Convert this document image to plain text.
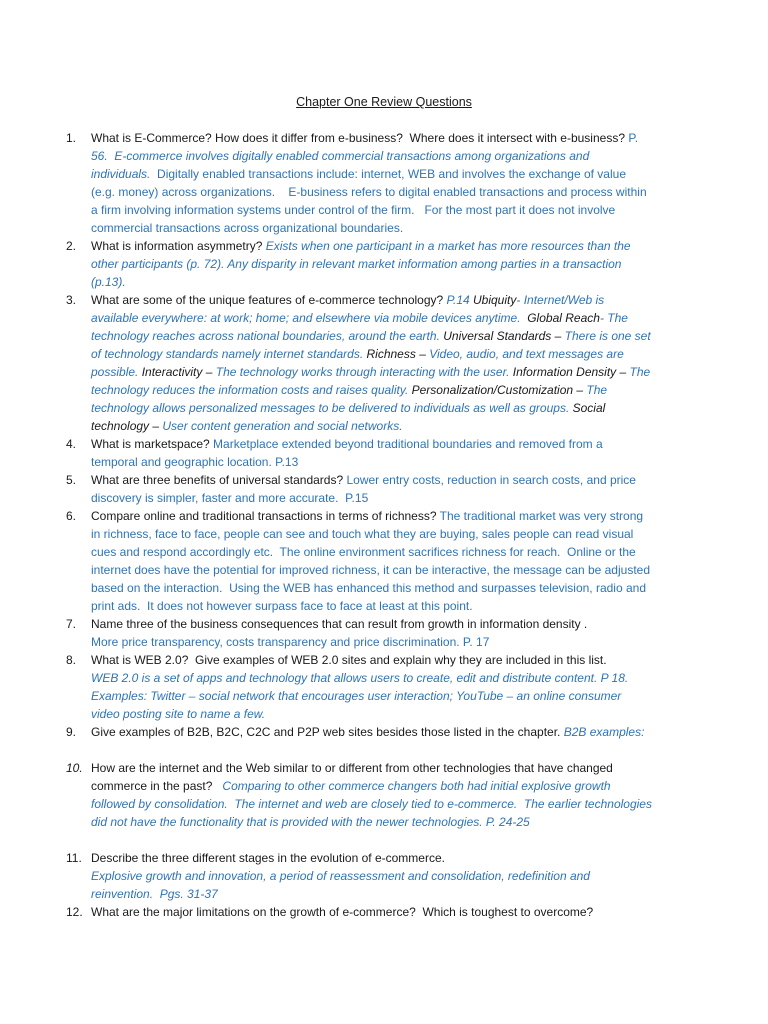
Chapter One Review Questions
1. What is E-Commerce? How does it differ from e-business?  Where does it intersect with e-business? P.
56.  E-commerce involves digitally enabled commercial transactions among organizations and
individuals.  Digitally enabled transactions include: internet, WEB and involves the exchange of value
(e.g. money) across organizations.    E-business refers to digital enabled transactions and process within
a firm involving information systems under control of the firm.   For the most part it does not involve
commercial transactions across organizational boundaries.
2. What is information asymmetry? Exists when one participant in a market has more resources than the
other participants (p. 72). Any disparity in relevant market information among parties in a transaction
(p.13).
3. What are some of the unique features of e-commerce technology? P.14 Ubiquity- Internet/Web is
available everywhere: at work; home; and elsewhere via mobile devices anytime.  Global Reach- The
technology reaches across national boundaries, around the earth. Universal Standards – There is one set
of technology standards namely internet standards. Richness – Video, audio, and text messages are
possible. Interactivity – The technology works through interacting with the user. Information Density – The
technology reduces the information costs and raises quality. Personalization/Customization – The
technology allows personalized messages to be delivered to individuals as well as groups. Social
technology – User content generation and social networks.
4. What is marketspace? Marketplace extended beyond traditional boundaries and removed from a
temporal and geographic location. P.13
5. What are three benefits of universal standards? Lower entry costs, reduction in search costs, and price
discovery is simpler, faster and more accurate.  P.15
6. Compare online and traditional transactions in terms of richness? The traditional market was very strong
in richness, face to face, people can see and touch what they are buying, sales people can read visual
cues and respond accordingly etc.  The online environment sacrifices richness for reach.  Online or the
internet does have the potential for improved richness, it can be interactive, the message can be adjusted
based on the interaction.  Using the WEB has enhanced this method and surpasses television, radio and
print ads.  It does not however surpass face to face at least at this point.
7. Name three of the business consequences that can result from growth in information density .
More price transparency, costs transparency and price discrimination. P. 17
8. What is WEB 2.0?  Give examples of WEB 2.0 sites and explain why they are included in this list.
WEB 2.0 is a set of apps and technology that allows users to create, edit and distribute content. P 18.
Examples: Twitter – social network that encourages user interaction; YouTube – an online consumer
video posting site to name a few.
9. Give examples of B2B, B2C, C2C and P2P web sites besides those listed in the chapter. B2B examples:
10. How are the internet and the Web similar to or different from other technologies that have changed
commerce in the past?   Comparing to other commerce changers both had initial explosive growth
followed by consolidation.  The internet and web are closely tied to e-commerce.  The earlier technologies
did not have the functionality that is provided with the newer technologies. P. 24-25
11. Describe the three different stages in the evolution of e-commerce.
Explosive growth and innovation, a period of reassessment and consolidation, redefinition and
reinvention.  Pgs. 31-37
12. What are the major limitations on the growth of e-commerce?  Which is toughest to overcome?
